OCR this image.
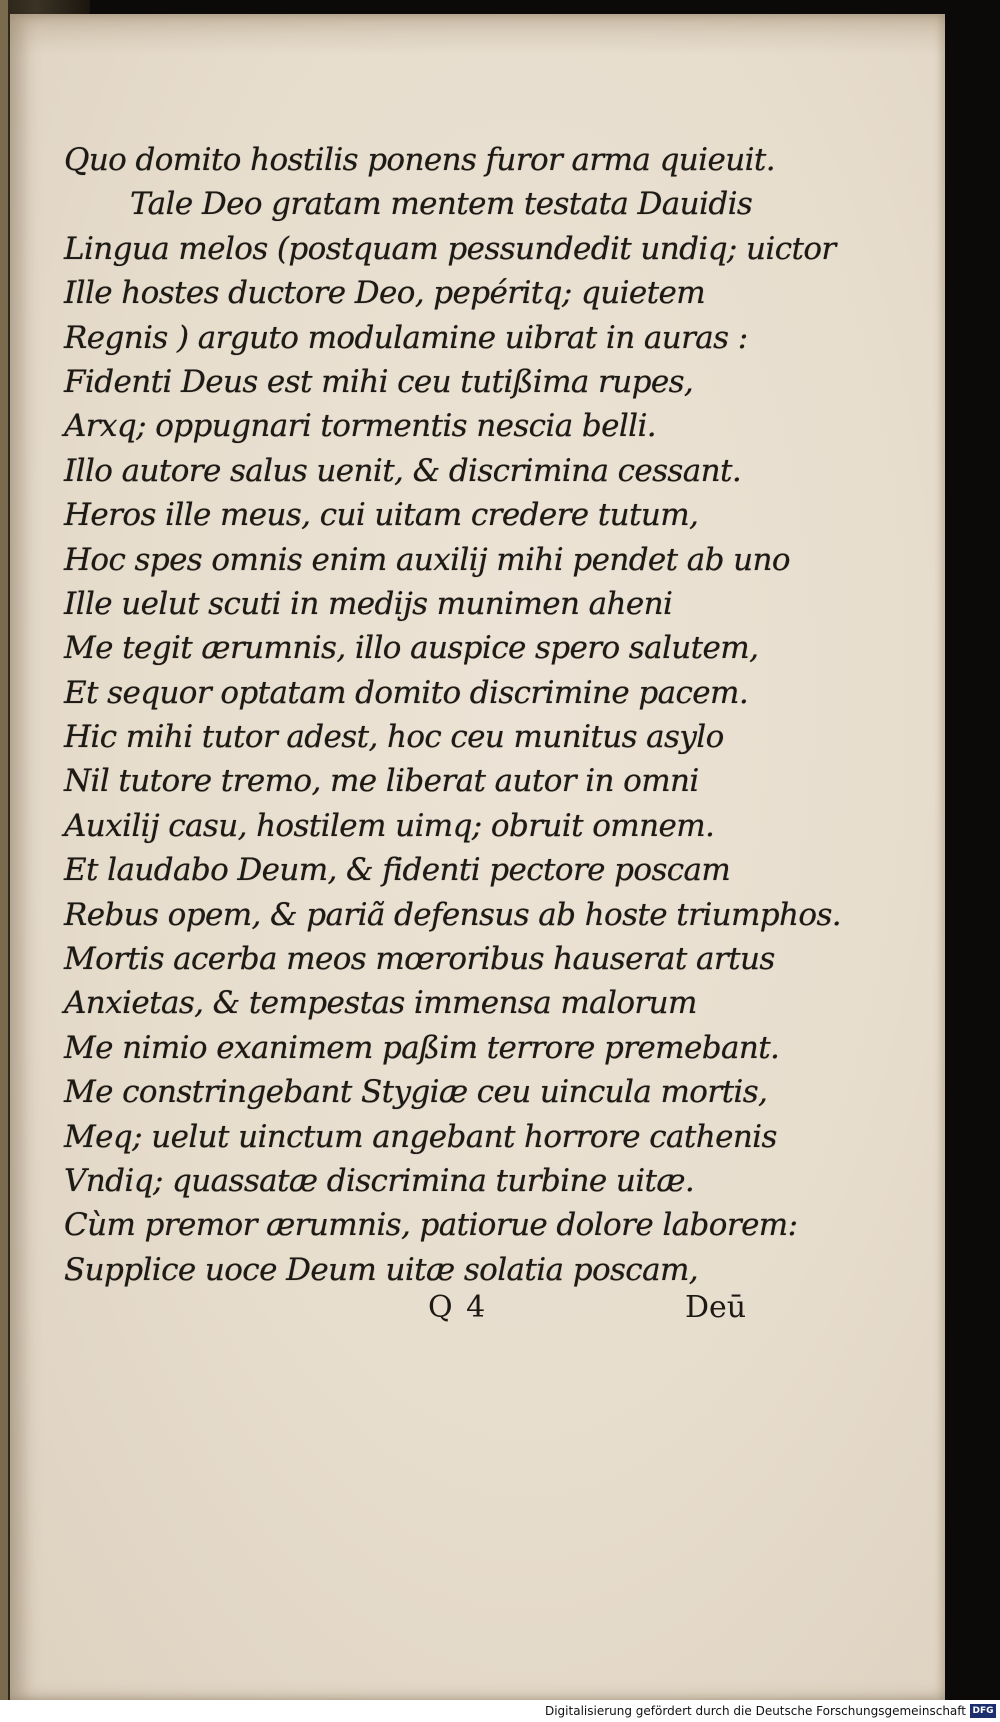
Quo domito hostilis ponens furor arma quieuit.
Tale Deo gratam mentem testata Dauidis
Lingua melos (postquam pessundedit undiq; uictor
Ille hostes ductore Deo, pepéritq; quietem
Regnis ) arguto modulamine uibrat in auras :
Fidenti Deus est mihi ceu tutißima rupes,
Arxq; oppugnari tormentis nescia belli.
Illo autore salus uenit, & discrimina cessant.
Heros ille meus, cui uitam credere tutum,
Hoc spes omnis enim auxilij mihi pendet ab uno
Ille uelut scuti in medijs munimen aheni
Me tegit ærumnis, illo auspice spero salutem,
Et sequor optatam domito discrimine pacem.
Hic mihi tutor adest, hoc ceu munitus asylo
Nil tutore tremo, me liberat autor in omni
Auxilij casu, hostilem uimq; obruit omnem.
Et laudabo Deum, & fidenti pectore poscam
Rebus opem, & pariã defensus ab hoste triumphos.
Mortis acerba meos mœroribus hauserat artus
Anxietas, & tempestas immensa malorum
Me nimio exanimem paßim terrore premebant.
Me constringebant Stygiæ ceu uincula mortis,
Meq; uelut uinctum angebant horrore cathenis
Vndiq; quassatæ discrimina turbine uitæ.
Cùm premor ærumnis, patiorue dolore laborem:
Supplice uoce Deum uitæ solatia poscam,
Q 4	Deū
Digitalisierung gefördert durch die Deutsche Forschungsgemeinschaft DFG
